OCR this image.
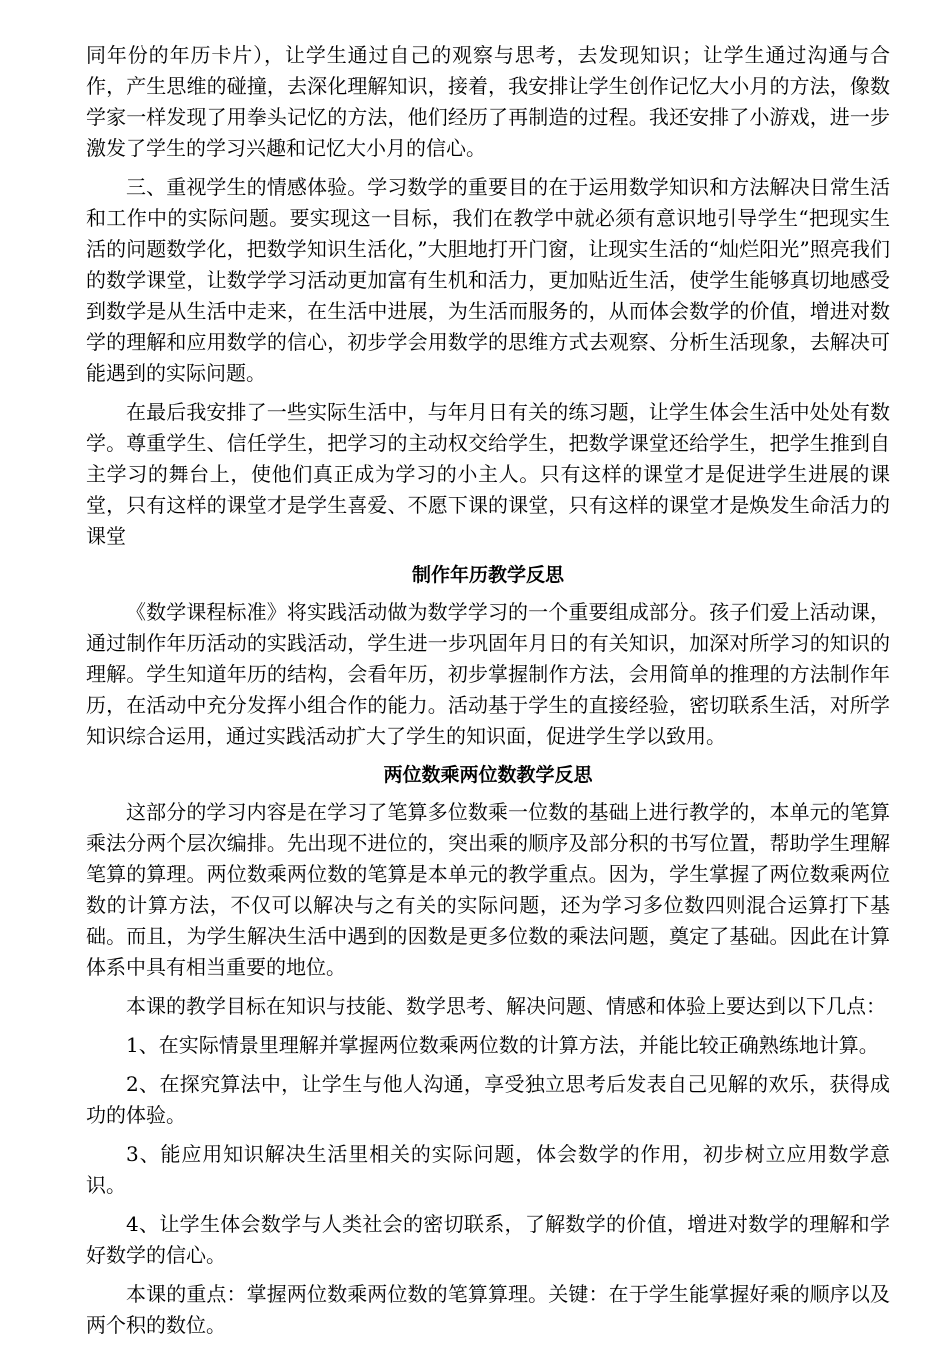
同年份的年历卡片），让学生通过自己的观察与思考，去发现知识；让学生通过沟通与合作，产生思维的碰撞，去深化理解知识，接着，我安排让学生创作记忆大小月的方法，像数学家一样发现了用拳头记忆的方法，他们经历了再制造的过程。我还安排了小游戏，进一步激发了学生的学习兴趣和记忆大小月的信心。

三、重视学生的情感体验。学习数学的重要目的在于运用数学知识和方法解决日常生活和工作中的实际问题。要实现这一目标，我们在教学中就必须有意识地引导学生“把现实生活的问题数学化，把数学知识生活化，”大胆地打开门窗，让现实生活的“灿烂阳光”照亮我们的数学课堂，让数学学习活动更加富有生机和活力，更加贴近生活，使学生能够真切地感受到数学是从生活中走来，在生活中进展，为生活而服务的，从而体会数学的价值，增进对数学的理解和应用数学的信心，初步学会用数学的思维方式去观察、分析生活现象，去解决可能遇到的实际问题。

在最后我安排了一些实际生活中，与年月日有关的练习题，让学生体会生活中处处有数学。尊重学生、信任学生，把学习的主动权交给学生，把数学课堂还给学生，把学生推到自主学习的舞台上，使他们真正成为学习的小主人。只有这样的课堂才是促进学生进展的课堂，只有这样的课堂才是学生喜爱、不愿下课的课堂，只有这样的课堂才是焕发生命活力的课堂

制作年历教学反思

《数学课程标准》将实践活动做为数学学习的一个重要组成部分。孩子们爱上活动课，通过制作年历活动的实践活动，学生进一步巩固年月日的有关知识，加深对所学习的知识的理解。学生知道年历的结构，会看年历，初步掌握制作方法，会用简单的推理的方法制作年历，在活动中充分发挥小组合作的能力。活动基于学生的直接经验，密切联系生活，对所学知识综合运用，通过实践活动扩大了学生的知识面，促进学生学以致用。

两位数乘两位数教学反思

这部分的学习内容是在学习了笔算多位数乘一位数的基础上进行教学的，本单元的笔算乘法分两个层次编排。先出现不进位的，突出乘的顺序及部分积的书写位置，帮助学生理解笔算的算理。两位数乘两位数的笔算是本单元的教学重点。因为，学生掌握了两位数乘两位数的计算方法，不仅可以解决与之有关的实际问题，还为学习多位数四则混合运算打下基础。而且，为学生解决生活中遇到的因数是更多位数的乘法问题，奠定了基础。因此在计算体系中具有相当重要的地位。

本课的教学目标在知识与技能、数学思考、解决问题、情感和体验上要达到以下几点：

1、在实际情景里理解并掌握两位数乘两位数的计算方法，并能比较正确熟练地计算。

2、在探究算法中，让学生与他人沟通，享受独立思考后发表自己见解的欢乐，获得成功的体验。

3、能应用知识解决生活里相关的实际问题，体会数学的作用，初步树立应用数学意识。

4、让学生体会数学与人类社会的密切联系，了解数学的价值，增进对数学的理解和学好数学的信心。

本课的重点：掌握两位数乘两位数的笔算算理。关键：在于学生能掌握好乘的顺序以及两个积的数位。
